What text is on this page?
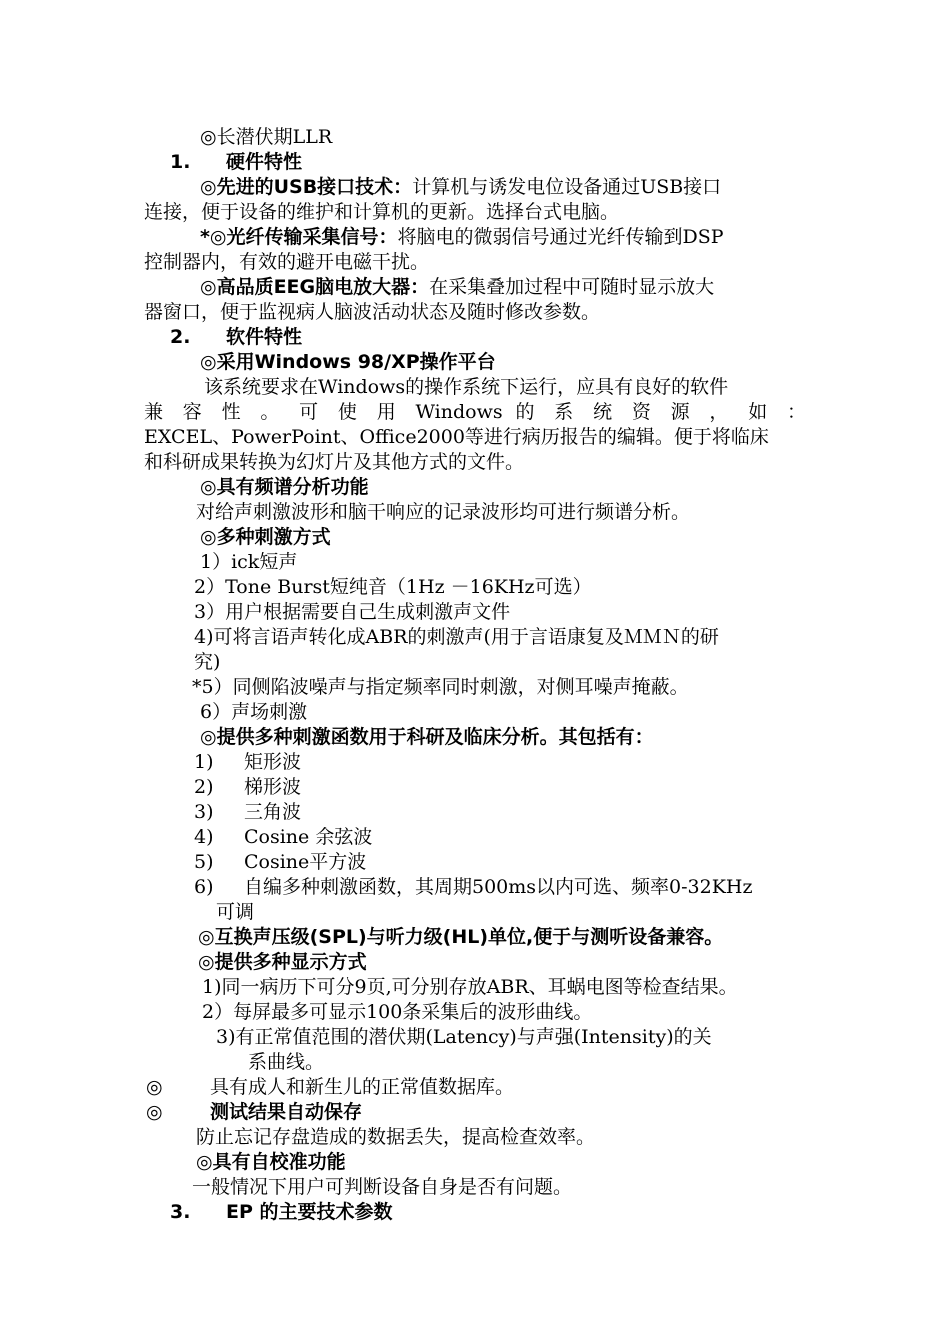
◎长潜伏期LLR
1. 硬件特性
◎先进的USB接口技术：计算机与诱发电位设备通过USB接口
连接，便于设备的维护和计算机的更新。选择台式电脑。
*◎光纤传输采集信号：将脑电的微弱信号通过光纤传输到DSP
控制器内，有效的避开电磁干扰。
◎高品质EEG脑电放大器：在采集叠加过程中可随时显示放大
器窗口，便于监视病人脑波活动状态及随时修改参数。
2. 软件特性
◎采用Windows 98/XP操作平台
该系统要求在Windows的操作系统下运行，应具有良好的软件
兼 容 性 。 可 使 用 Windows 的 系 统 资 源 ， 如 ：
EXCEL、PowerPoint、Office2000等进行病历报告的编辑。便于将临床
和科研成果转换为幻灯片及其他方式的文件。
◎具有频谱分析功能
对给声刺激波形和脑干响应的记录波形均可进行频谱分析。
◎多种刺激方式
1）ick短声
2）Tone Burst短纯音（1Hz －16KHz可选）
3）用户根据需要自己生成刺激声文件
4)可将言语声转化成ABR的刺激声(用于言语康复及ＭＭＮ的研
究)
*5）同侧陷波噪声与指定频率同时刺激，对侧耳噪声掩蔽。
6）声场刺激
◎提供多种刺激函数用于科研及临床分析。其包括有：
1) 矩形波
2) 梯形波
3) 三角波
4) Cosine 余弦波
5) Cosine平方波
6) 自编多种刺激函数，其周期500ms以内可选、频率0-32KHz
可调
◎互换声压级(SPL)与听力级(HL)单位,便于与测听设备兼容。
◎提供多种显示方式
1)同一病历下可分9页,可分别存放ABR、耳蜗电图等检查结果。
2）每屏最多可显示100条采集后的波形曲线。
3)有正常值范围的潜伏期(Latency)与声强(Intensity)的关
系曲线。
◎ 具有成人和新生儿的正常值数据库。
◎ 测试结果自动保存
防止忘记存盘造成的数据丢失，提高检查效率。
◎具有自校准功能
一般情况下用户可判断设备自身是否有问题。
3. EP 的主要技术参数
